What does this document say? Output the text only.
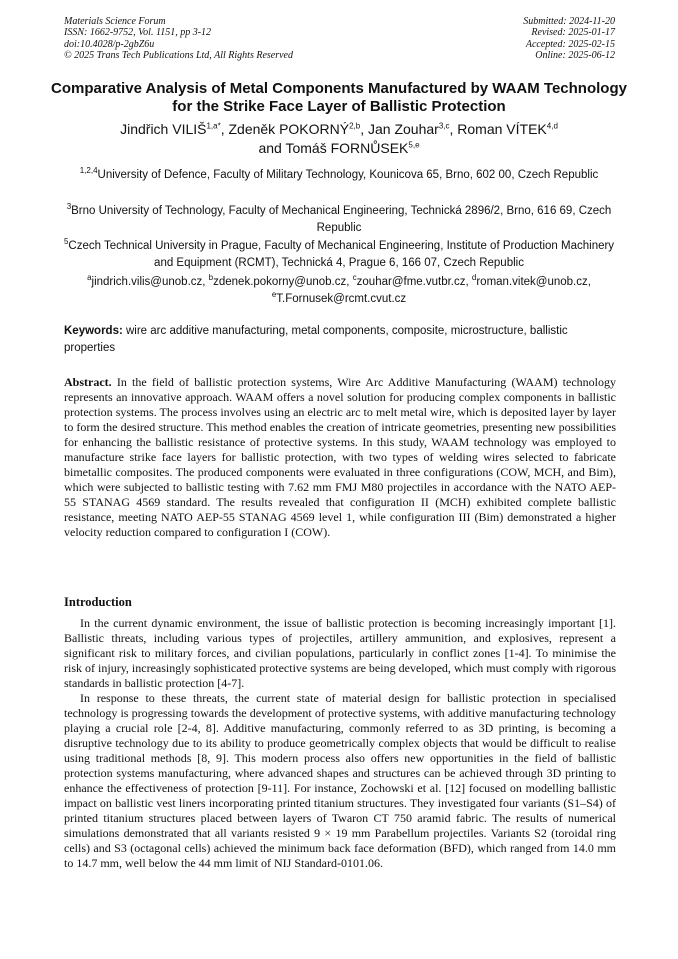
Materials Science Forum
ISSN: 1662-9752, Vol. 1151, pp 3-12
doi:10.4028/p-2gbZ6u
© 2025 Trans Tech Publications Ltd, All Rights Reserved
Submitted: 2024-11-20
Revised: 2025-01-17
Accepted: 2025-02-15
Online: 2025-06-12
Comparative Analysis of Metal Components Manufactured by WAAM Technology for the Strike Face Layer of Ballistic Protection
Jindřich $VILIŠ^{1,a*}$, Zdeněk POKORNÝ$^{2,b}$, Jan Zouhar$^{3,c}$, Roman VÍTEK$^{4,d}$
and Tomáš FORNŮSEK$^{5,e}$
$^{1,2,4}$University of Defence, Faculty of Military Technology, Kounicova 65, Brno, 602 00, Czech Republic
$^3$Brno University of Technology, Faculty of Mechanical Engineering, Technická 2896/2, Brno, 616 69, Czech Republic
$^5$Czech Technical University in Prague, Faculty of Mechanical Engineering, Institute of Production Machinery and Equipment (RCMT), Technická 4, Prague 6, 166 07, Czech Republic
$^a$jindrich.vilis@unob.cz, $^b$zdenek.pokorny@unob.cz, $^c$zouhar@fme.vutbr.cz, $^d$roman.vitek@unob.cz, $^e$T.Fornusek@rcmt.cvut.cz
Keywords: wire arc additive manufacturing, metal components, composite, microstructure, ballistic properties
Abstract. In the field of ballistic protection systems, Wire Arc Additive Manufacturing (WAAM) technology represents an innovative approach. WAAM offers a novel solution for producing complex components in ballistic protection systems. The process involves using an electric arc to melt metal wire, which is deposited layer by layer to form the desired structure. This method enables the creation of intricate geometries, presenting new possibilities for enhancing the ballistic resistance of protective systems. In this study, WAAM technology was employed to manufacture strike face layers for ballistic protection, with two types of welding wires selected to fabricate bimetallic composites. The produced components were evaluated in three configurations (COW, MCH, and Bim), which were subjected to ballistic testing with 7.62 mm FMJ M80 projectiles in accordance with the NATO AEP-55 STANAG 4569 standard. The results revealed that configuration II (MCH) exhibited complete ballistic resistance, meeting NATO AEP-55 STANAG 4569 level 1, while configuration III (Bim) demonstrated a higher velocity reduction compared to configuration I (COW).
Introduction

In the current dynamic environment, the issue of ballistic protection is becoming increasingly important [1]. Ballistic threats, including various types of projectiles, artillery ammunition, and explosives, represent a significant risk to military forces, and civilian populations, particularly in conflict zones [1-4]. To minimise the risk of injury, increasingly sophisticated protective systems are being developed, which must comply with rigorous standards in ballistic protection [4-7].

In response to these threats, the current state of material design for ballistic protection in specialised technology is progressing towards the development of protective systems, with additive manufacturing technology playing a crucial role [2-4, 8]. Additive manufacturing, commonly referred to as 3D printing, is becoming a disruptive technology due to its ability to produce geometrically complex objects that would be difficult to realise using traditional methods [8, 9]. This modern process also offers new opportunities in the field of ballistic protection systems manufacturing, where advanced shapes and structures can be achieved through 3D printing to enhance the effectiveness of protection [9-11]. For instance, Zochowski et al. [12] focused on modelling ballistic impact on ballistic vest liners incorporating printed titanium structures. They investigated four variants (S1–S4) of printed titanium structures placed between layers of Twaron CT 750 aramid fabric. The results of numerical simulations demonstrated that all variants resisted 9 × 19 mm Parabellum projectiles. Variants S2 (toroidal ring cells) and S3 (octagonal cells) achieved the minimum back face deformation (BFD), which ranged from 14.0 mm to 14.7 mm, well below the 44 mm limit of NIJ Standard-0101.06.
